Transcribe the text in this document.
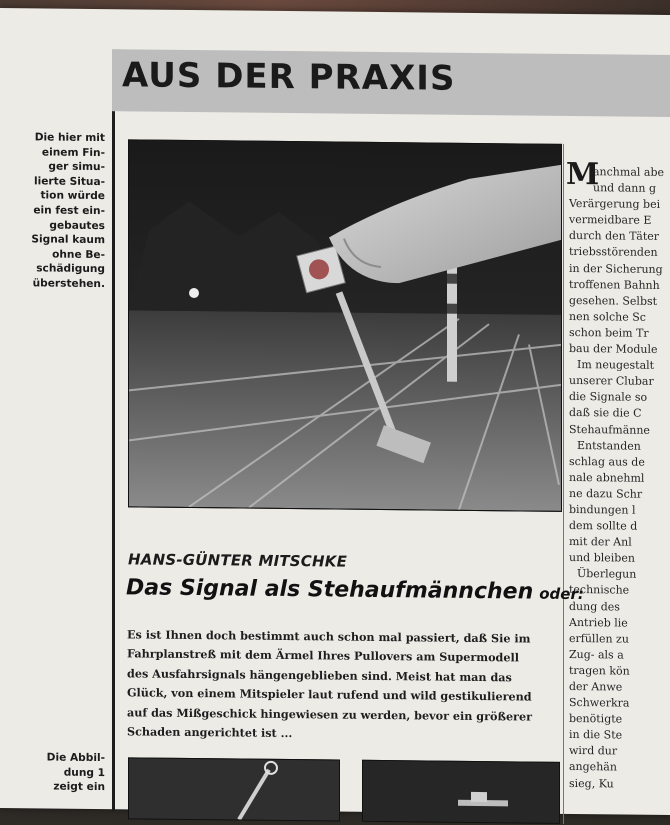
AUS DER PRAXIS
Die hier mit
einem Fin-
ger simu-
lierte Situa-
tion würde
ein fest ein-
gebautes
Signal kaum
ohne Be-
schädigung
überstehen.
M
anchmal abe
und dann g
Verärgerung bei
vermeidbare E
durch den Täter
triebsstörenden
in der Sicherung
troffenen Bahnh
gesehen. Selbst
nen solche Sc
schon beim Tr
bau der Module
Im neugestalt
unserer Clubar
die Signale so
daß sie die C
Stehaufmänne
Entstanden
schlag aus de
nale abnehml
ne dazu Schr
bindungen l
dem sollte d
mit der Anl
und bleiben
Überlegun
technische
dung des
Antrieb lie
erfüllen zu
Zug- als a
tragen kön
der Anwe
Schwerkra
benötigte
in die Ste
wird dur
angehän
sieg, Ku
HANS-GÜNTER MITSCHKE
Das Signal als Stehaufmännchen oder:
Es ist Ihnen doch bestimmt auch schon mal passiert, daß Sie im
Fahrplanstreß mit dem Ärmel Ihres Pullovers am Supermodell
des Ausfahrsignals hängengeblieben sind. Meist hat man das
Glück, von einem Mitspieler laut rufend und wild gestikulierend
auf das Mißgeschick hingewiesen zu werden, bevor ein größerer
Schaden angerichtet ist ...
Die Abbil-
dung 1
zeigt ein
